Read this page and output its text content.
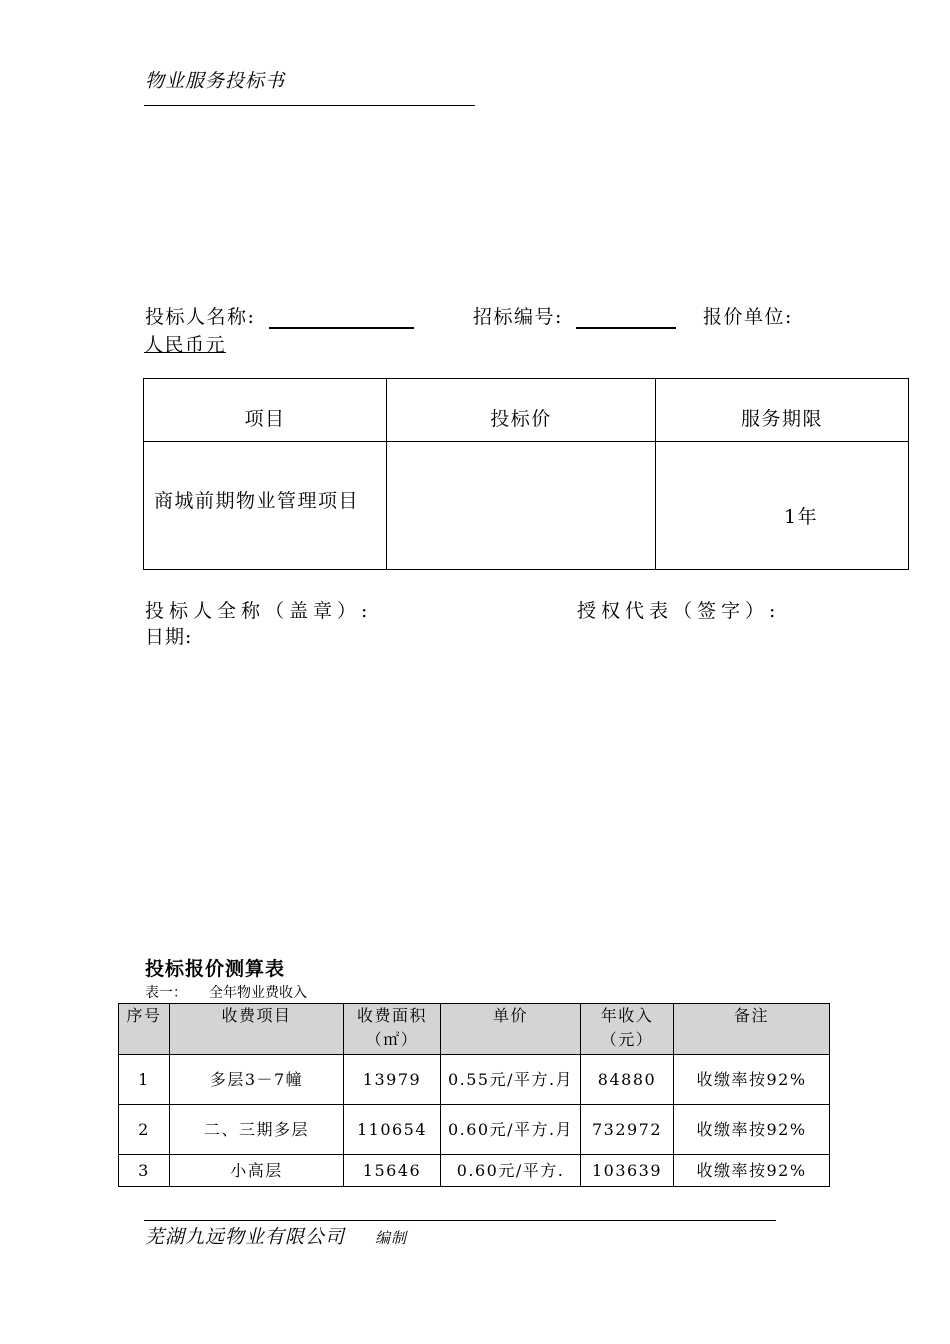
物业服务投标书
投标人名称:	招标编号:	报价单位:
人民币元
项目	投标价	服务期限
商城前期物业管理项目		1年
投标人全称（盖章）:	授权代表（签字）:
日期:
投标报价测算表
表一： 全年物业费收入
序号	收费项目	收费面积（㎡）	单价	年收入（元）	备注
1	多层3－7幢	13979	0.55元/平方.月	84880	收缴率按92%
2	二、三期多层	110654	0.60元/平方.月	732972	收缴率按92%
3	小高层	15646	0.60元/平方.	103639	收缴率按92%
芜湖九远物业有限公司 编制
